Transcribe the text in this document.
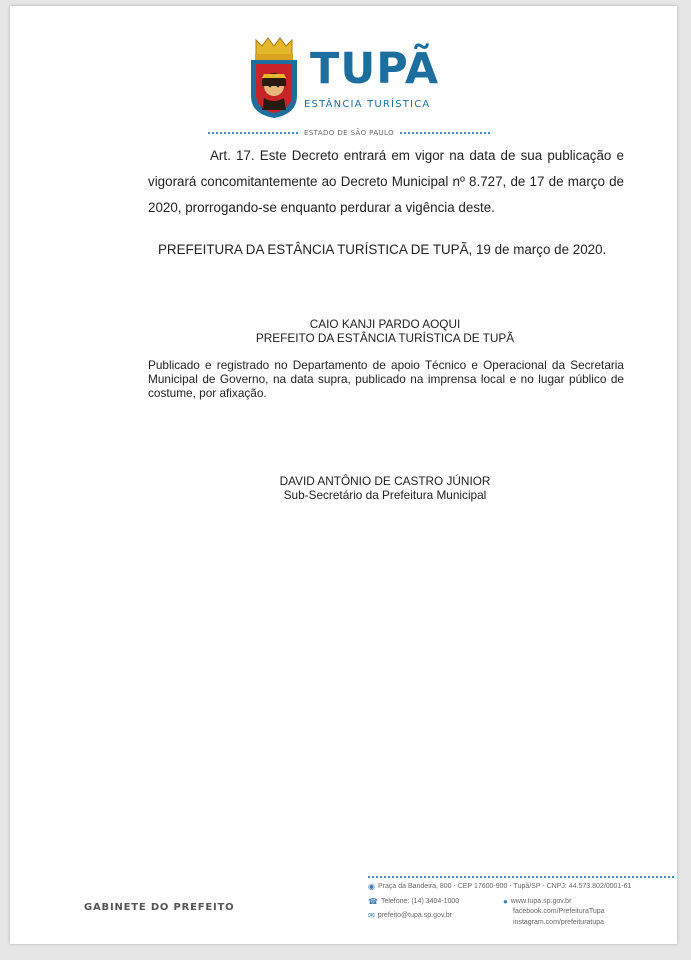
TUPÃ
ESTÂNCIA TURÍSTICA
ESTADO DE SÃO PAULO

Art. 17. Este Decreto entrará em vigor na data de sua publicação e vigorará concomitantemente ao Decreto Municipal nº 8.727, de 17 de março de 2020, prorrogando-se enquanto perdurar a vigência deste.

PREFEITURA DA ESTÂNCIA TURÍSTICA DE TUPÃ, 19 de março de 2020.
CAIO KANJI PARDO AOQUI
PREFEITO DA ESTÂNCIA TURÍSTICA DE TUPÃ

Publicado e registrado no Departamento de apoio Técnico e Operacional da Secretaria Municipal de Governo, na data supra, publicado na imprensa local e no lugar público de costume, por afixação.

DAVID ANTÔNIO DE CASTRO JÚNIOR
Sub-Secretário da Prefeitura Municipal
GABINETE DO PREFEITO
◉ Praça da Bandeira, 800 - CEP 17600-900 - Tupã/SP - CNPJ: 44.573.802/0001-61
☎ Telefone: (14) 3404-1000
✉ prefeito@tupa.sp.gov.br
● www.tupa.sp.gov.br
facebook.com/PrefeituraTupa
instagram.com/prefeituratupa
